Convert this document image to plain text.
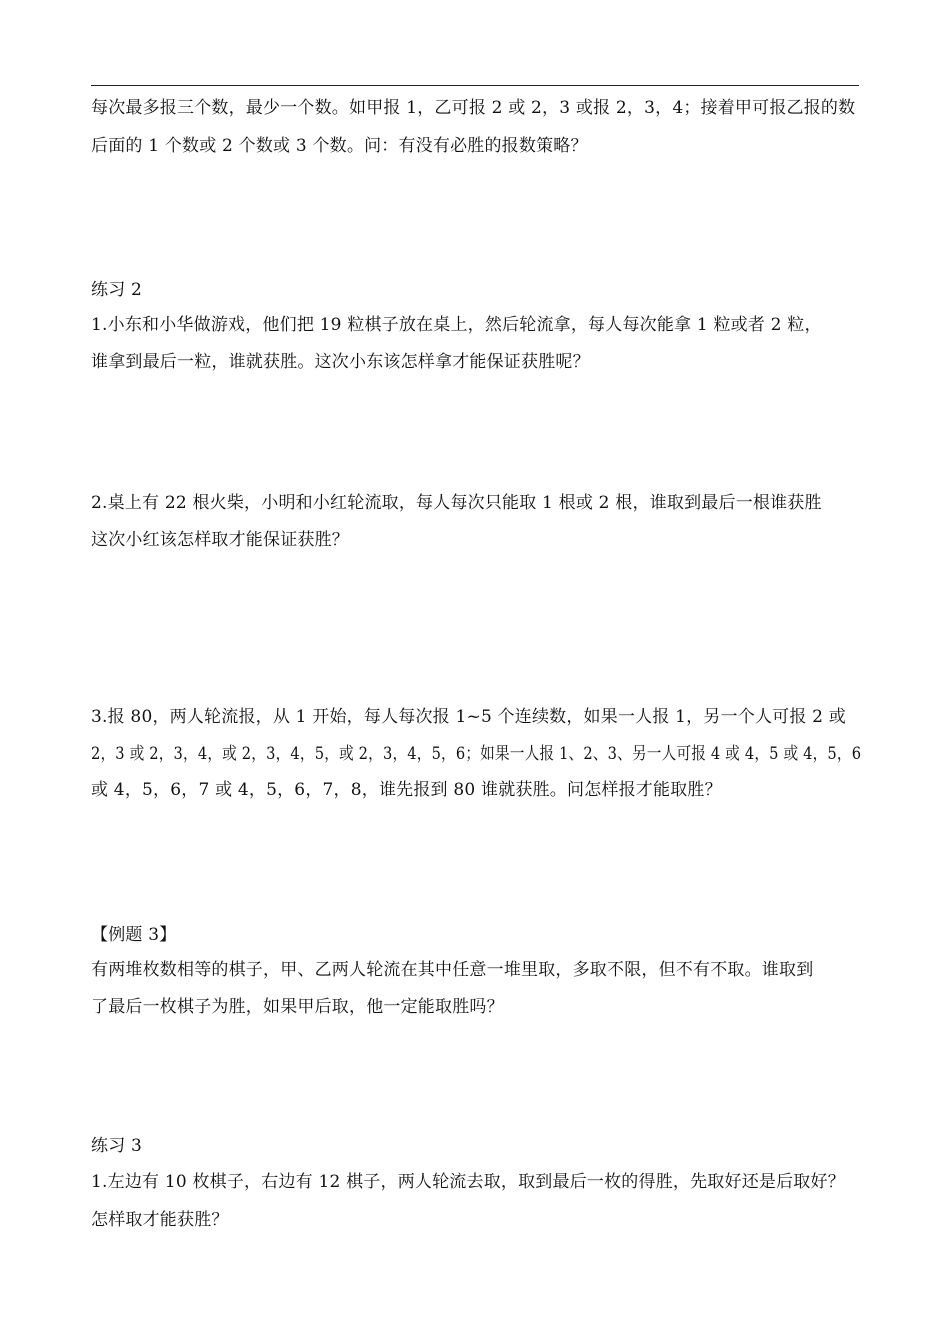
每次最多报三个数，最少一个数。如甲报 1，乙可报 2 或 2，3 或报 2，3，4；接着甲可报乙报的数
后面的 1 个数或 2 个数或 3 个数。问：有没有必胜的报数策略？
练习 2
1.小东和小华做游戏，他们把 19 粒棋子放在桌上，然后轮流拿，每人每次能拿 1 粒或者 2 粒，
谁拿到最后一粒，谁就获胜。这次小东该怎样拿才能保证获胜呢？
2.桌上有 22 根火柴，小明和小红轮流取，每人每次只能取 1 根或 2 根，谁取到最后一根谁获胜
这次小红该怎样取才能保证获胜？
3.报 80，两人轮流报，从 1 开始，每人每次报 1~5 个连续数，如果一人报 1，另一个人可报 2 或
2，3 或 2，3，4，或 2，3，4，5，或 2，3，4，5，6；如果一人报 1、2、3、另一人可报 4 或 4，5 或 4，5，6
或 4，5，6，7 或 4，5，6，7，8，谁先报到 80 谁就获胜。问怎样报才能取胜？
【例题 3】
有两堆枚数相等的棋子，甲、乙两人轮流在其中任意一堆里取，多取不限，但不有不取。谁取到
了最后一枚棋子为胜，如果甲后取，他一定能取胜吗？
练习 3
1.左边有 10 枚棋子，右边有 12 棋子，两人轮流去取，取到最后一枚的得胜，先取好还是后取好？
怎样取才能获胜？
